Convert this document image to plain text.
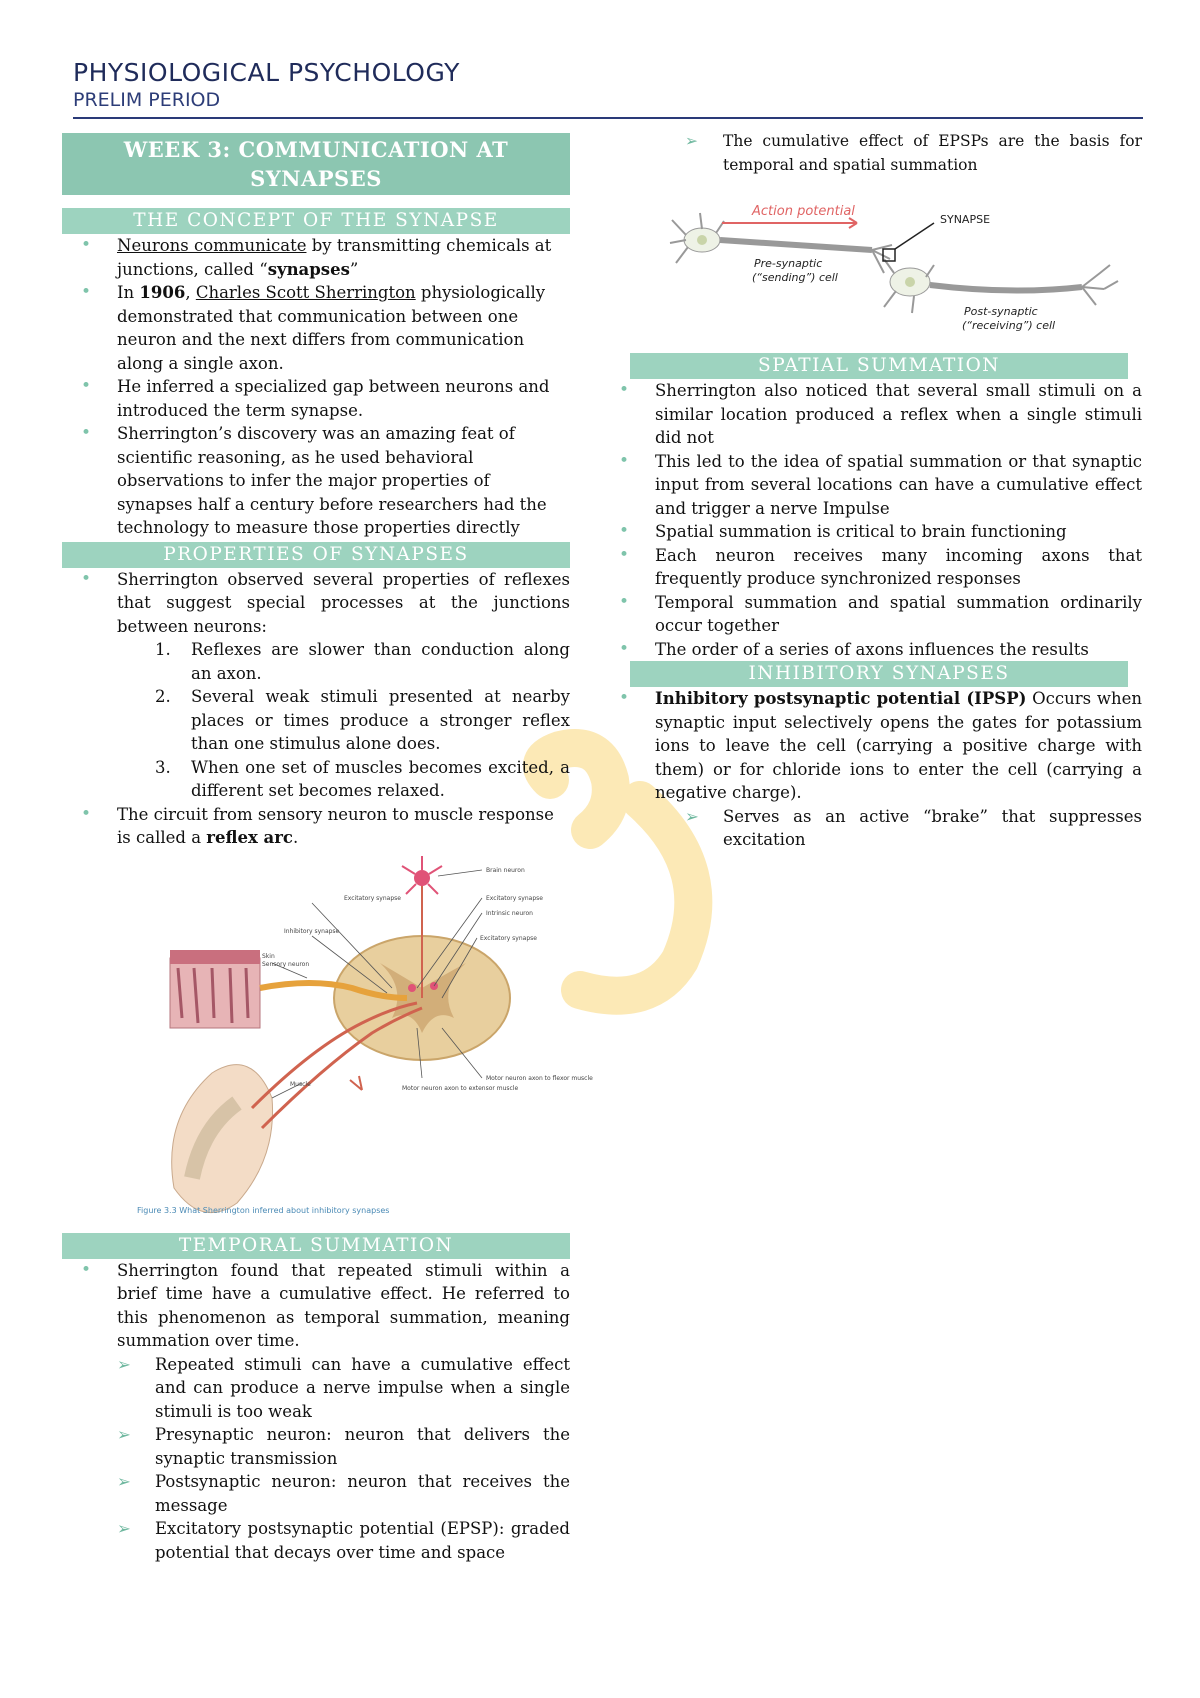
PHYSIOLOGICAL PSYCHOLOGY
PRELIM PERIOD
WEEK 3: COMMUNICATION AT SYNAPSES
THE CONCEPT OF THE SYNAPSE
• Neurons communicate by transmitting chemicals at junctions, called “synapses”
• In 1906, Charles Scott Sherrington physiologically demonstrated that communication between one neuron and the next differs from communication along a single axon.
• He inferred a specialized gap between neurons and introduced the term synapse.
• Sherrington’s discovery was an amazing feat of scientific reasoning, as he used behavioral observations to infer the major properties of synapses half a century before researchers had the technology to measure those properties directly
PROPERTIES OF SYNAPSES
• Sherrington observed several properties of reflexes that suggest special processes at the junctions between neurons:
1. Reflexes are slower than conduction along an axon.
2. Several weak stimuli presented at nearby places or times produce a stronger reflex than one stimulus alone does.
3. When one set of muscles becomes excited, a different set becomes relaxed.
• The circuit from sensory neuron to muscle response is called a reflex arc.
Excitatory synapse
Inhibitory synapse
Brain neuron
Excitatory synapse
Intrinsic neuron
Excitatory synapse
Skin
Sensory neuron
Muscle
Motor neuron axon to extensor muscle
Motor neuron axon to flexor muscle
Figure 3.3 What Sherrington inferred about inhibitory synapses
TEMPORAL SUMMATION
• Sherrington found that repeated stimuli within a brief time have a cumulative effect. He referred to this phenomenon as temporal summation, meaning summation over time.
➢ Repeated stimuli can have a cumulative effect and can produce a nerve impulse when a single stimuli is too weak
➢ Presynaptic neuron: neuron that delivers the synaptic transmission
➢ Postsynaptic neuron: neuron that receives the message
➢ Excitatory postsynaptic potential (EPSP): graded potential that decays over time and space
➢ The cumulative effect of EPSPs are the basis for temporal and spatial summation
Action potential
SYNAPSE
Pre-synaptic
(“sending”) cell
Post-synaptic
(“receiving”) cell
SPATIAL SUMMATION
• Sherrington also noticed that several small stimuli on a similar location produced a reflex when a single stimuli did not
• This led to the idea of spatial summation or that synaptic input from several locations can have a cumulative effect and trigger a nerve Impulse
• Spatial summation is critical to brain functioning
• Each neuron receives many incoming axons that frequently produce synchronized responses
• Temporal summation and spatial summation ordinarily occur together
• The order of a series of axons influences the results
INHIBITORY SYNAPSES
• Inhibitory postsynaptic potential (IPSP) Occurs when synaptic input selectively opens the gates for potassium ions to leave the cell (carrying a positive charge with them) or for chloride ions to enter the cell (carrying a negative charge).
➢ Serves as an active “brake” that suppresses excitation
